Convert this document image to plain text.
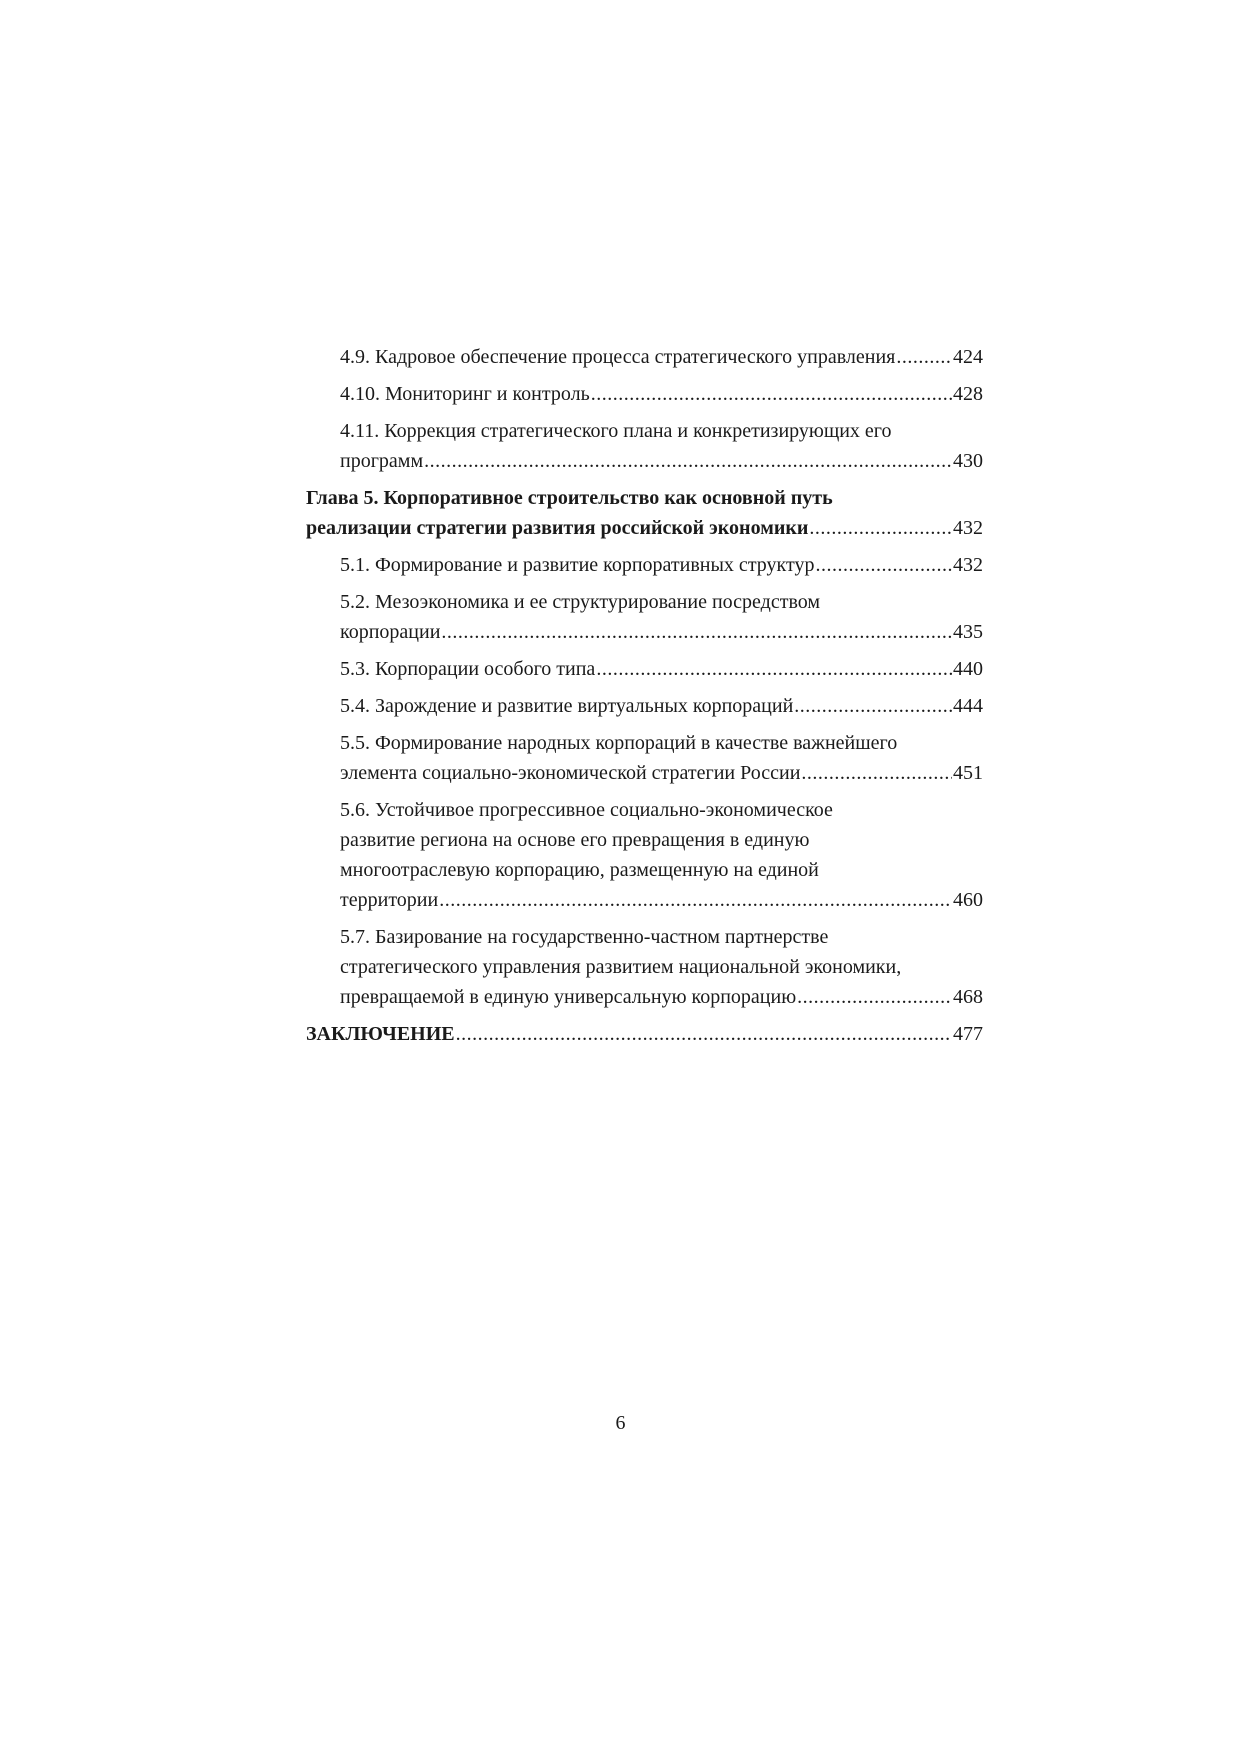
4.9. Кадровое обеспечение процесса стратегического управления .....	424
4.10. Мониторинг и контроль .....	428
4.11. Коррекция стратегического плана и конкретизирующих его
программ .....	430
Глава 5. Корпоративное строительство как основной путь
реализации стратегии развития российской экономики .....	432
5.1. Формирование и развитие корпоративных структур .....	432
5.2. Мезоэкономика и ее структурирование посредством
корпорации .....	435
5.3. Корпорации особого типа .....	440
5.4. Зарождение и развитие виртуальных корпораций .....	444
5.5. Формирование народных корпораций в качестве важнейшего
элемента социально-экономической стратегии России .....	451
5.6. Устойчивое прогрессивное социально-экономическое
развитие региона на основе его превращения в единую
многоотраслевую корпорацию, размещенную на единой
территории .....	460
5.7. Базирование на государственно-частном партнерстве
стратегического управления развитием национальной экономики,
превращаемой в единую универсальную корпорацию .....	468
ЗАКЛЮЧЕНИЕ .....	477
6
